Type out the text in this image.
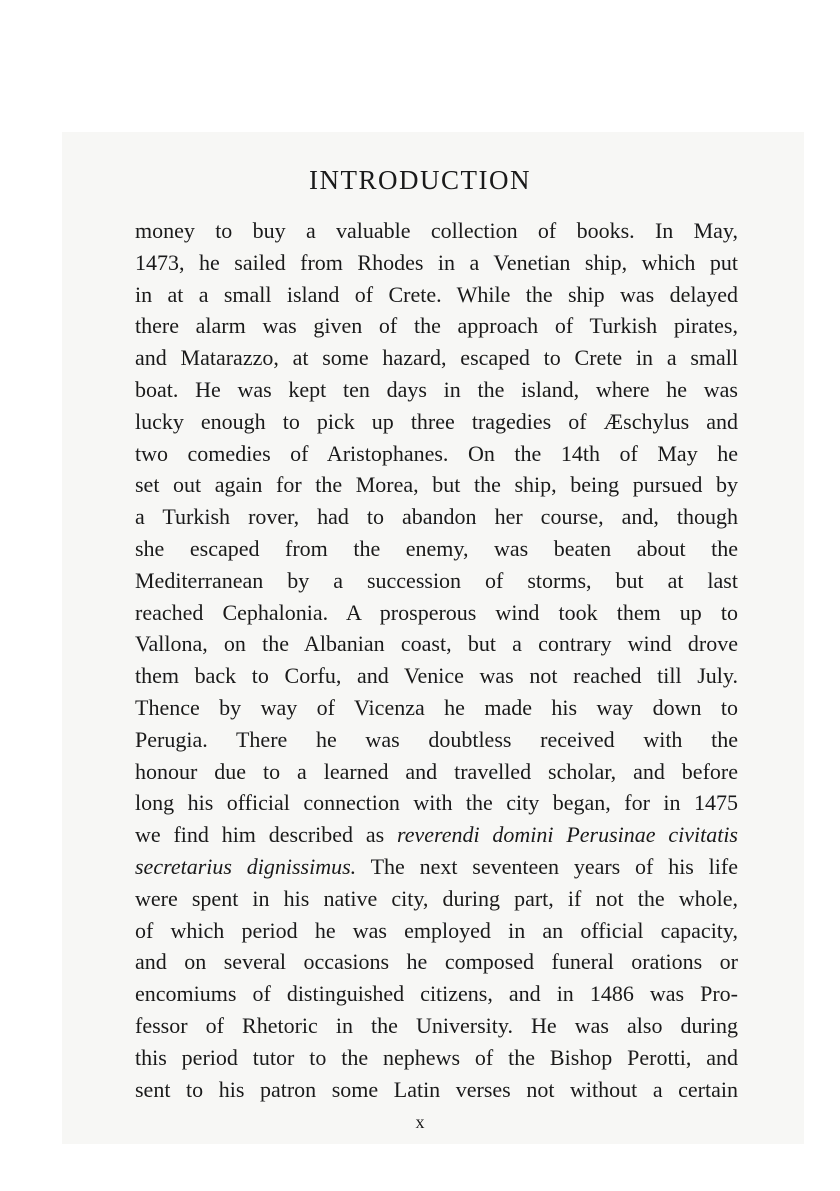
INTRODUCTION
money to buy a valuable collection of books. In May,
1473, he sailed from Rhodes in a Venetian ship, which put
in at a small island of Crete. While the ship was delayed
there alarm was given of the approach of Turkish pirates,
and Matarazzo, at some hazard, escaped to Crete in a small
boat. He was kept ten days in the island, where he was
lucky enough to pick up three tragedies of Æschylus and
two comedies of Aristophanes. On the 14th of May he
set out again for the Morea, but the ship, being pursued by
a Turkish rover, had to abandon her course, and, though
she escaped from the enemy, was beaten about the
Mediterranean by a succession of storms, but at last
reached Cephalonia. A prosperous wind took them up to
Vallona, on the Albanian coast, but a contrary wind drove
them back to Corfu, and Venice was not reached till July.
Thence by way of Vicenza he made his way down to
Perugia. There he was doubtless received with the
honour due to a learned and travelled scholar, and before
long his official connection with the city began, for in 1475
we find him described as reverendi domini Perusinae civitatis
secretarius dignissimus. The next seventeen years of his life
were spent in his native city, during part, if not the whole,
of which period he was employed in an official capacity,
and on several occasions he composed funeral orations or
encomiums of distinguished citizens, and in 1486 was Pro-
fessor of Rhetoric in the University. He was also during
this period tutor to the nephews of the Bishop Perotti, and
sent to his patron some Latin verses not without a certain
x
